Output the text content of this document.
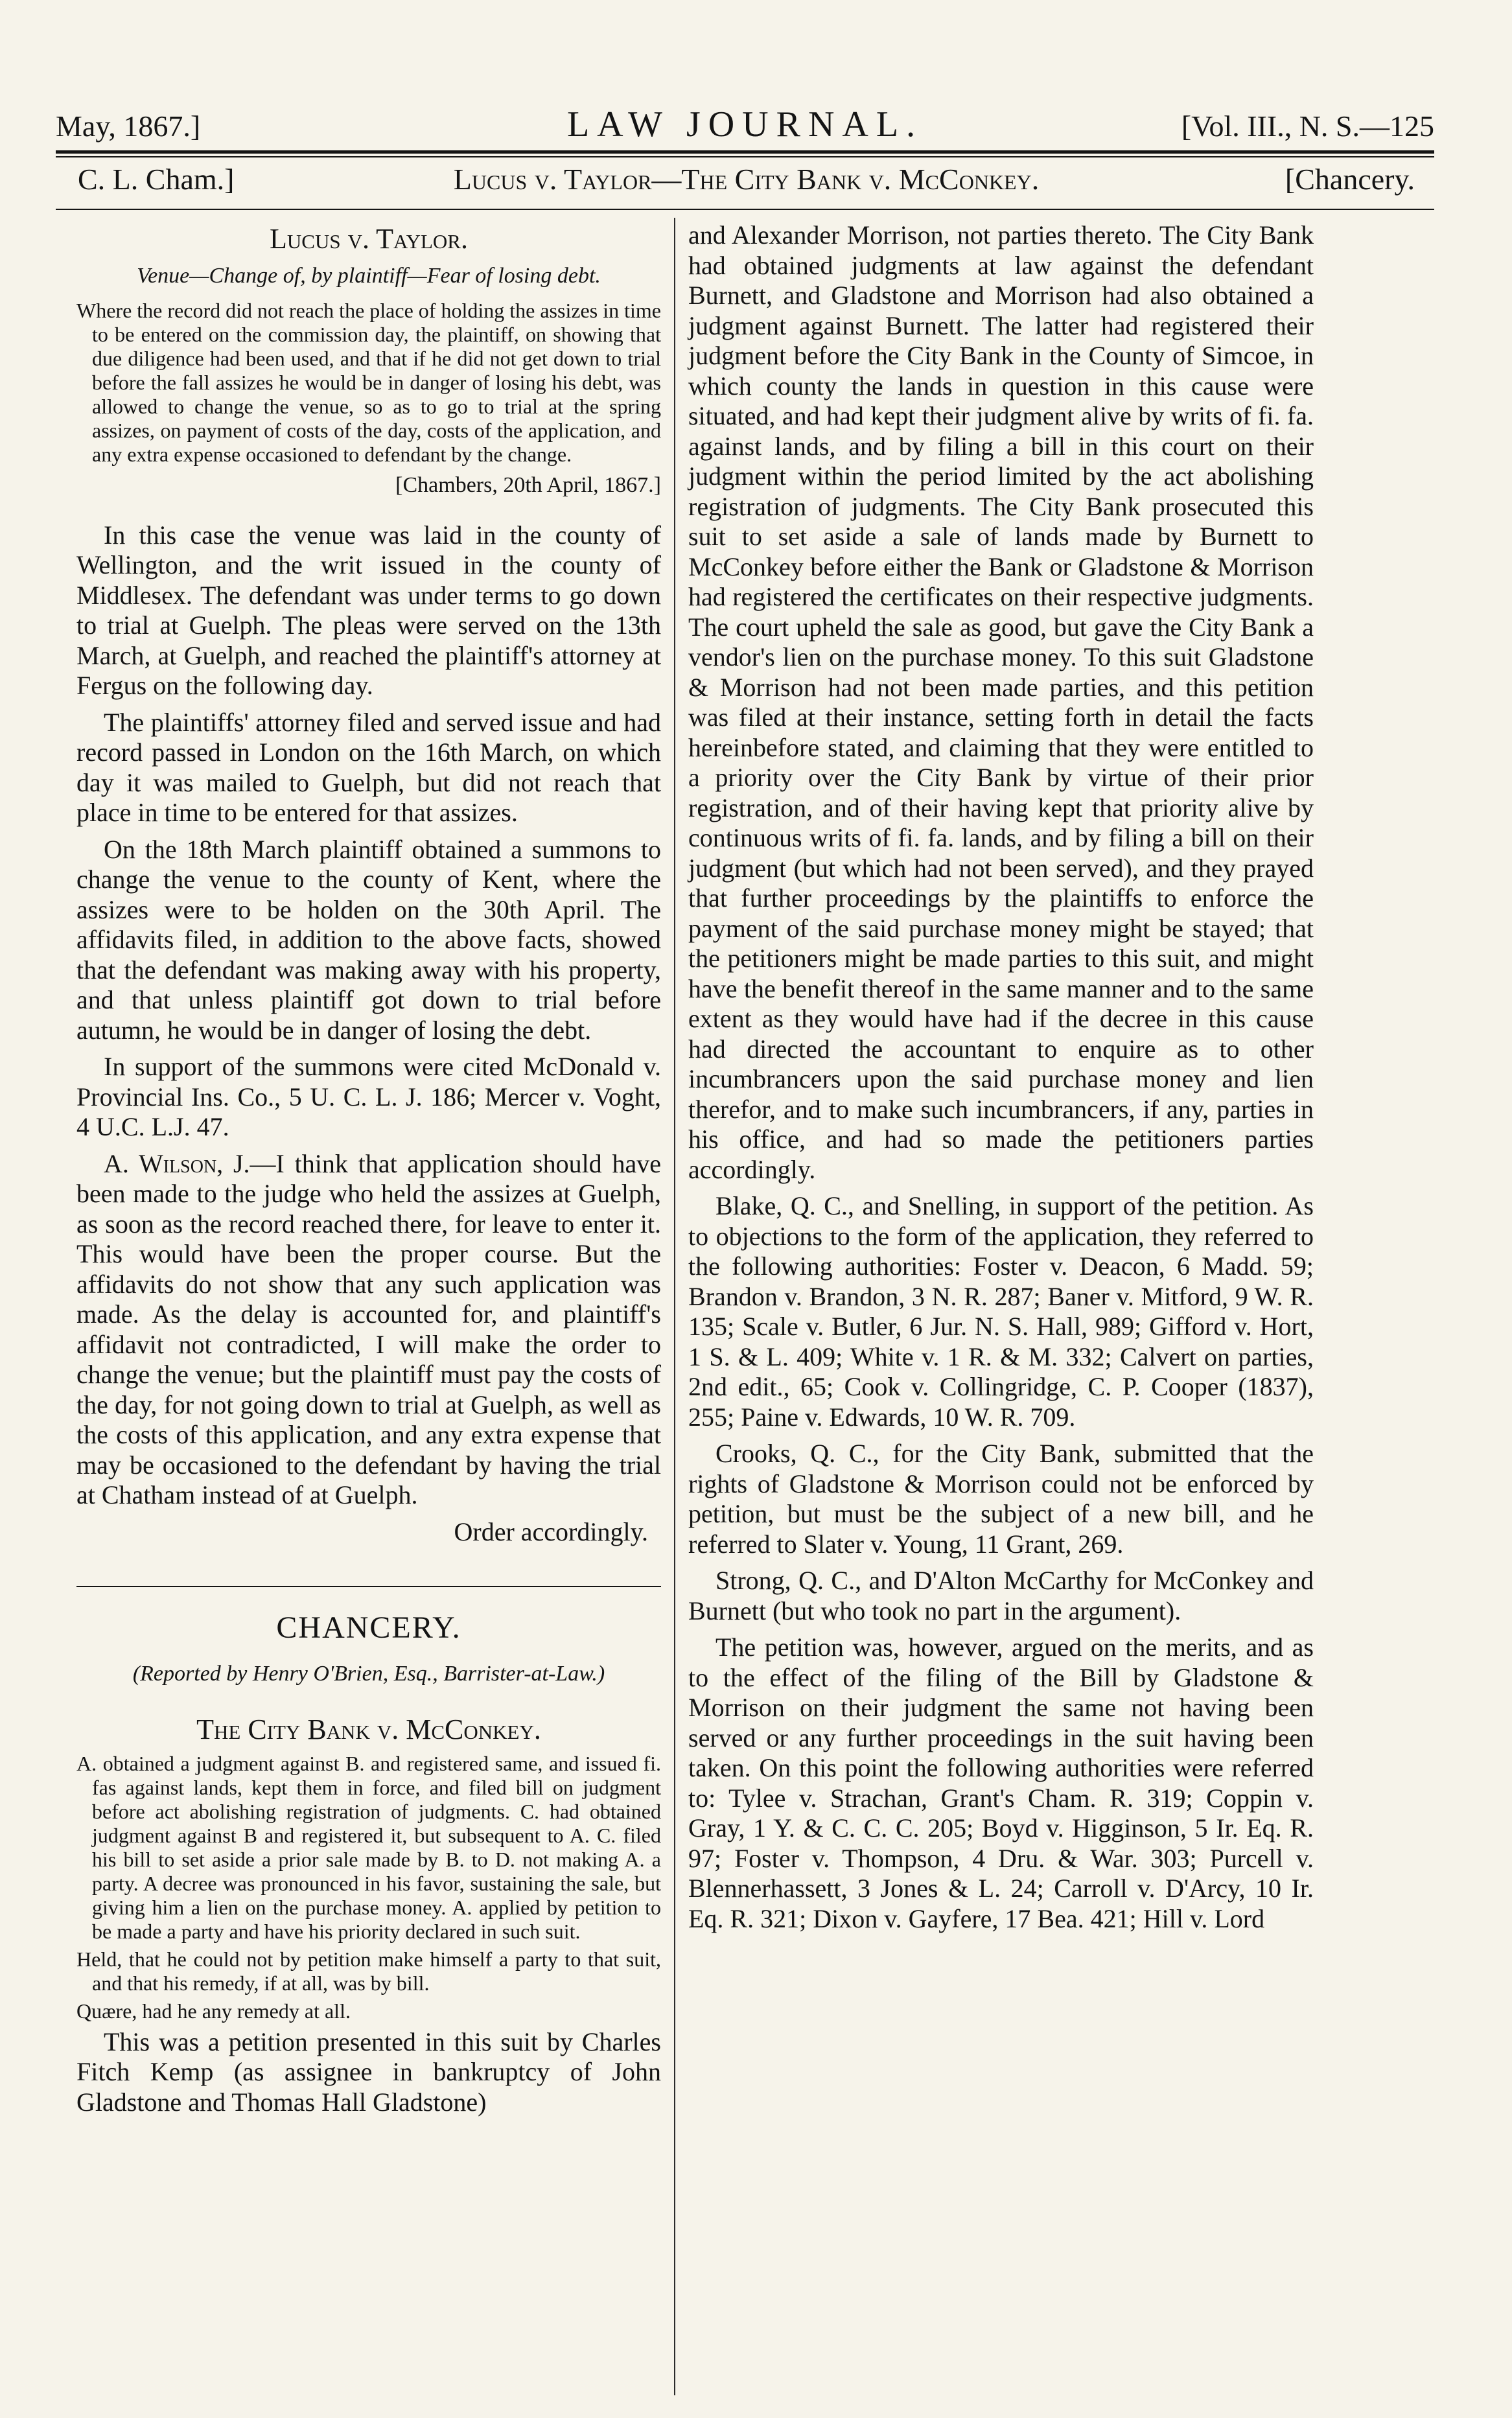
May, 1867.]	LAW JOURNAL.	[Vol. III., N. S.—125
C. L. Cham.]	Lucus v. Taylor—The City Bank v. McConkey.	[Chancery.
Lucus v. Taylor.
Venue—Change of, by plaintiff—Fear of losing debt.
Where the record did not reach the place of holding the assizes in time to be entered on the commission day, the plaintiff, on showing that due diligence had been used, and that if he did not get down to trial before the fall assizes he would be in danger of losing his debt, was allowed to change the venue, so as to go to trial at the spring assizes, on payment of costs of the day, costs of the application, and any extra expense occasioned to defendant by the change.
[Chambers, 20th April, 1867.]

In this case the venue was laid in the county of Wellington, and the writ issued in the county of Middlesex. The defendant was under terms to go down to trial at Guelph. The pleas were served on the 13th March, at Guelph, and reached the plaintiff's attorney at Fergus on the following day.

The plaintiffs' attorney filed and served issue and had record passed in London on the 16th March, on which day it was mailed to Guelph, but did not reach that place in time to be entered for that assizes.

On the 18th March plaintiff obtained a summons to change the venue to the county of Kent, where the assizes were to be holden on the 30th April. The affidavits filed, in addition to the above facts, showed that the defendant was making away with his property, and that unless plaintiff got down to trial before autumn, he would be in danger of losing the debt.

In support of the summons were cited McDonald v. Provincial Ins. Co., 5 U. C. L. J. 186; Mercer v. Voght, 4 U.C. L.J. 47.

A. Wilson, J.—I think that application should have been made to the judge who held the assizes at Guelph, as soon as the record reached there, for leave to enter it. This would have been the proper course. But the affidavits do not show that any such application was made. As the delay is accounted for, and plaintiff's affidavit not contradicted, I will make the order to change the venue; but the plaintiff must pay the costs of the day, for not going down to trial at Guelph, as well as the costs of this application, and any extra expense that may be occasioned to the defendant by having the trial at Chatham instead of at Guelph.

Order accordingly.
CHANCERY.
(Reported by Henry O'Brien, Esq., Barrister-at-Law.)
The City Bank v. McConkey.
A. obtained a judgment against B. and registered same, and issued fi. fas against lands, kept them in force, and filed bill on judgment before act abolishing registration of judgments. C. had obtained judgment against B and registered it, but subsequent to A. C. filed his bill to set aside a prior sale made by B. to D. not making A. a party. A decree was pronounced in his favor, sustaining the sale, but giving him a lien on the purchase money. A. applied by petition to be made a party and have his priority declared in such suit.
Held, that he could not by petition make himself a party to that suit, and that his remedy, if at all, was by bill.
Quære, had he any remedy at all.

This was a petition presented in this suit by Charles Fitch Kemp (as assignee in bankruptcy of John Gladstone and Thomas Hall Gladstone)

and Alexander Morrison, not parties thereto. The City Bank had obtained judgments at law against the defendant Burnett, and Gladstone and Morrison had also obtained a judgment against Burnett. The latter had registered their judgment before the City Bank in the County of Simcoe, in which county the lands in question in this cause were situated, and had kept their judgment alive by writs of fi. fa. against lands, and by filing a bill in this court on their judgment within the period limited by the act abolishing registration of judgments. The City Bank prosecuted this suit to set aside a sale of lands made by Burnett to McConkey before either the Bank or Gladstone & Morrison had registered the certificates on their respective judgments. The court upheld the sale as good, but gave the City Bank a vendor's lien on the purchase money. To this suit Gladstone & Morrison had not been made parties, and this petition was filed at their instance, setting forth in detail the facts hereinbefore stated, and claiming that they were entitled to a priority over the City Bank by virtue of their prior registration, and of their having kept that priority alive by continuous writs of fi. fa. lands, and by filing a bill on their judgment (but which had not been served), and they prayed that further proceedings by the plaintiffs to enforce the payment of the said purchase money might be stayed; that the petitioners might be made parties to this suit, and might have the benefit thereof in the same manner and to the same extent as they would have had if the decree in this cause had directed the accountant to enquire as to other incumbrancers upon the said purchase money and lien therefor, and to make such incumbrancers, if any, parties in his office, and had so made the petitioners parties accordingly.

Blake, Q. C., and Snelling, in support of the petition. As to objections to the form of the application, they referred to the following authorities: Foster v. Deacon, 6 Madd. 59; Brandon v. Brandon, 3 N. R. 287; Baner v. Mitford, 9 W. R. 135; Scale v. Butler, 6 Jur. N. S. Hall, 989; Gifford v. Hort, 1 S. & L. 409; White v. 1 R. & M. 332; Calvert on parties, 2nd edit., 65; Cook v. Collingridge, C. P. Cooper (1837), 255; Paine v. Edwards, 10 W. R. 709.

Crooks, Q. C., for the City Bank, submitted that the rights of Gladstone & Morrison could not be enforced by petition, but must be the subject of a new bill, and he referred to Slater v. Young, 11 Grant, 269.

Strong, Q. C., and D'Alton McCarthy for McConkey and Burnett (but who took no part in the argument).

The petition was, however, argued on the merits, and as to the effect of the filing of the Bill by Gladstone & Morrison on their judgment the same not having been served or any further proceedings in the suit having been taken. On this point the following authorities were referred to: Tylee v. Strachan, Grant's Cham. R. 319; Coppin v. Gray, 1 Y. & C. C. C. 205; Boyd v. Higginson, 5 Ir. Eq. R. 97; Foster v. Thompson, 4 Dru. & War. 303; Purcell v. Blennerhassett, 3 Jones & L. 24; Carroll v. D'Arcy, 10 Ir. Eq. R. 321; Dixon v. Gayfere, 17 Bea. 421; Hill v. Lord
